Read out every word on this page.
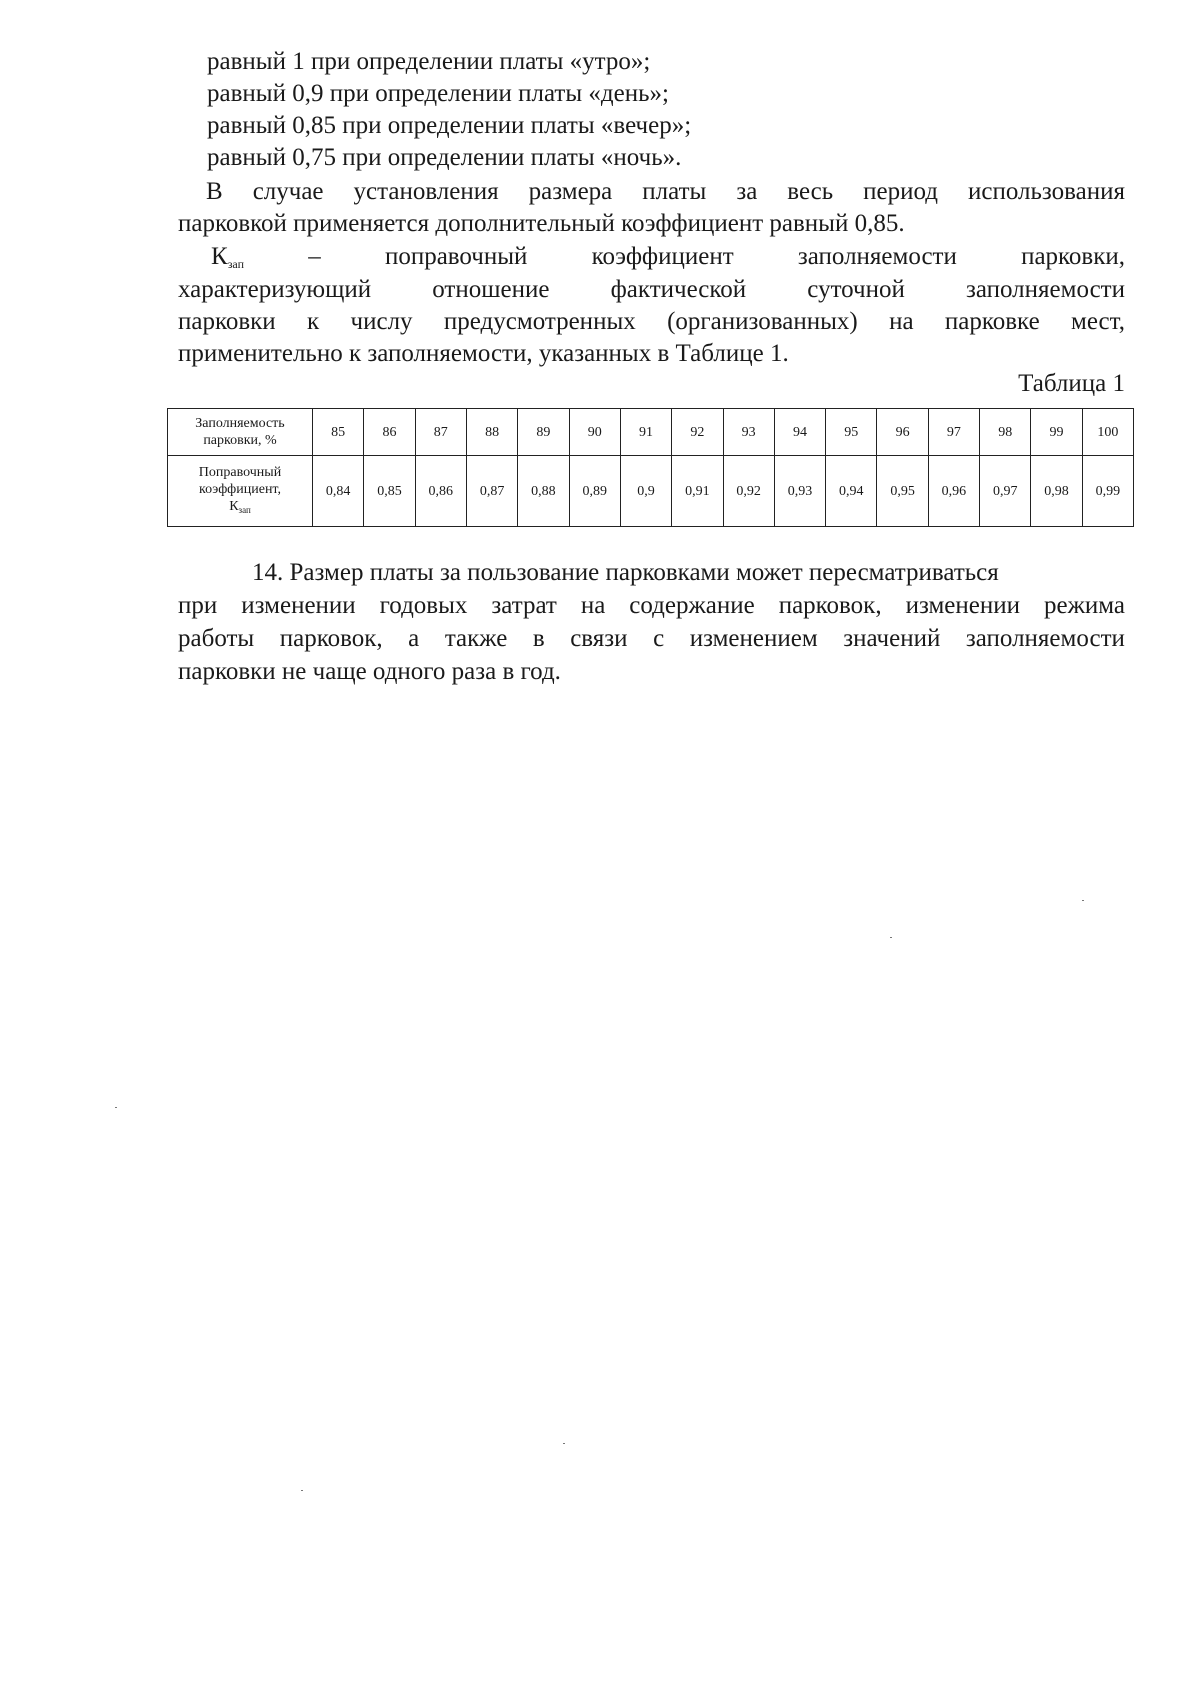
равный 1 при определении платы «утро»;
равный 0,9 при определении платы «день»;
равный 0,85 при определении платы «вечер»;
равный 0,75 при определении платы «ночь».
В случае установления размера платы за весь период использования
парковкой применяется дополнительный коэффициент равный 0,85.
$К_{зап}$	–	поправочный	коэффициент	заполняемости	парковки,
характеризующий отношение фактической суточной заполняемости
парковки к числу предусмотренных (организованных) на парковке мест,
применительно к заполняемости, указанных в Таблице 1.
Таблица 1
Заполняемость парковки, %	85	86	87	88	89	90	91	92	93	94	95	96	97	98	99	100
Поправочный коэффициент,
$К_{зап}$	0,84	0,85	0,86	0,87	0,88	0,89	0,9	0,91	0,92	0,93	0,94	0,95	0,96	0,97	0,98	0,99
14. Размер платы за пользование парковками может пересматриваться
при изменении годовых затрат на содержание парковок, изменении режима
работы парковок, а также в связи с изменением значений заполняемости
парковки не чаще одного раза в год.
